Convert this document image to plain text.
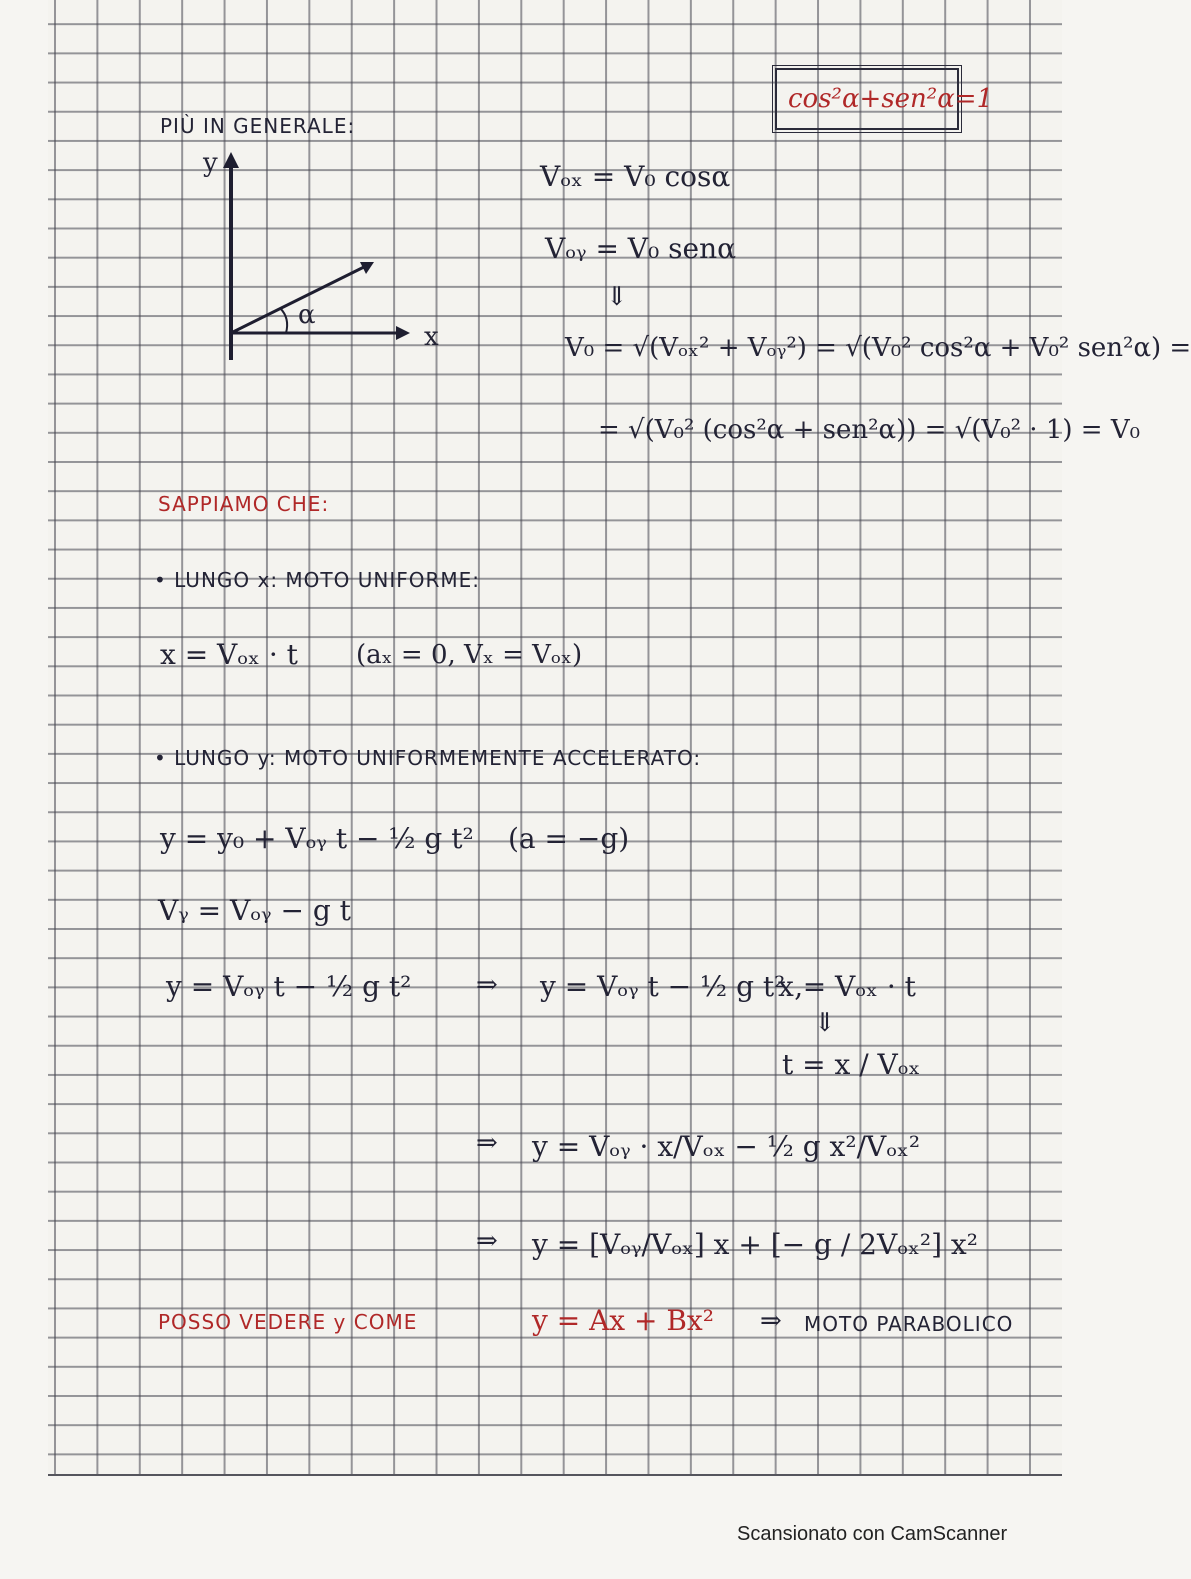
cos²α+sen²α=1
PIÙ IN GENERALE:
y
x
α
Vₒₓ = V₀ cosα
Vₒᵧ = V₀ senα
⇓
V₀ = √(Vₒₓ² + Vₒᵧ²) = √(V₀² cos²α + V₀² sen²α) =
= √(V₀² (cos²α + sen²α)) = √(V₀² · 1) = V₀
SAPPIAMO CHE:
• LUNGO x: MOTO UNIFORME:
x = Vₒₓ · t (aₓ = 0, Vₓ = Vₒₓ)
• LUNGO y: MOTO UNIFORMEMENTE ACCELERATO:
y = y₀ + Vₒᵧ t − ½ g t² (a = −g)
Vᵧ = Vₒᵧ − g t
y = Vₒᵧ t − ½ g t² ⇒ y = Vₒᵧ t − ½ g t² ,
x = Vₒₓ · t
⇓
t = x / Vₒₓ
⇒ y = Vₒᵧ · x/Vₒₓ − ½ g x²/Vₒₓ²
⇒ y = [Vₒᵧ/Vₒₓ] x + [− g / 2Vₒₓ²] x²
POSSO VEDERE y COME	y = Ax + Bx² ⇒ MOTO PARABOLICO
Scansionato con CamScanner
